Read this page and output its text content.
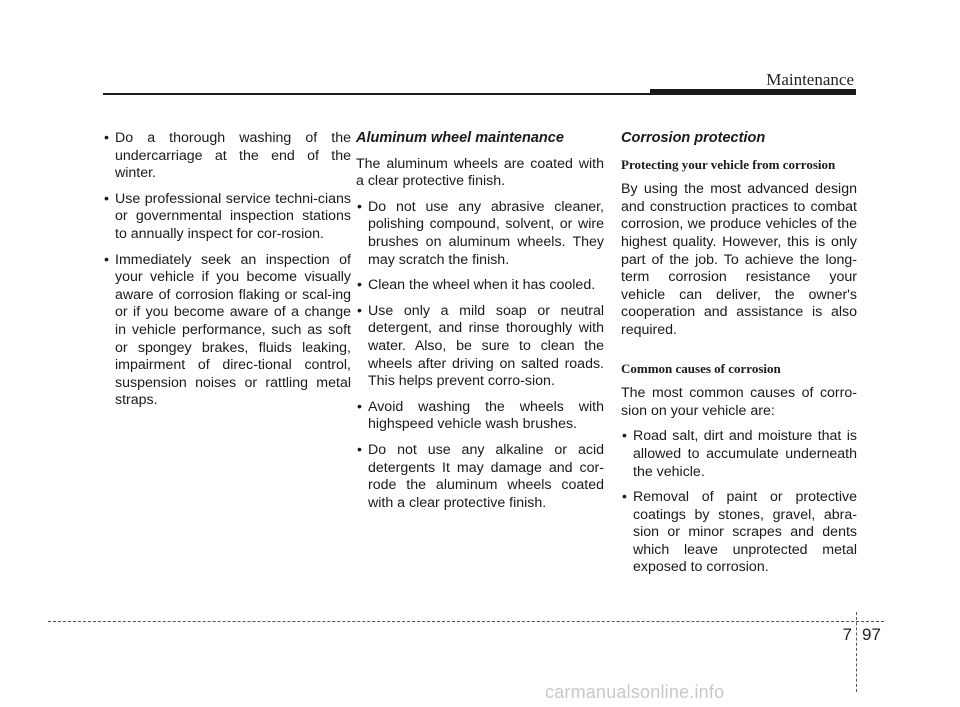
Maintenance
• Do a thorough washing of the undercarriage at the end of the winter.
• Use professional service techni-cians or governmental inspection stations to annually inspect for cor-rosion.
• Immediately seek an inspection of your vehicle if you become visually aware of corrosion flaking or scal-ing or if you become aware of a change in vehicle performance, such as soft or spongey brakes, fluids leaking, impairment of direc-tional control, suspension noises or rattling metal straps.
Aluminum wheel maintenance

The aluminum wheels are coated with a clear protective finish.

• Do not use any abrasive cleaner, polishing compound, solvent, or wire brushes on aluminum wheels. They may scratch the finish.
• Clean the wheel when it has cooled.
• Use only a mild soap or neutral detergent, and rinse thoroughly with water. Also, be sure to clean the wheels after driving on salted roads. This helps prevent corro-sion.
• Avoid washing the wheels with highspeed vehicle wash brushes.
• Do not use any alkaline or acid detergents It may damage and cor-rode the aluminum wheels coated with a clear protective finish.
Corrosion protection
Protecting your vehicle from corrosion

By using the most advanced design and construction practices to combat corrosion, we produce vehicles of the highest quality. However, this is only part of the job. To achieve the long-term corrosion resistance your vehicle can deliver, the owner's cooperation and assistance is also required.

Common causes of corrosion

The most common causes of corro-sion on your vehicle are:

• Road salt, dirt and moisture that is allowed to accumulate underneath the vehicle.
• Removal of paint or protective coatings by stones, gravel, abra-sion or minor scrapes and dents which leave unprotected metal exposed to corrosion.
7 97
carmanualsonline.info
